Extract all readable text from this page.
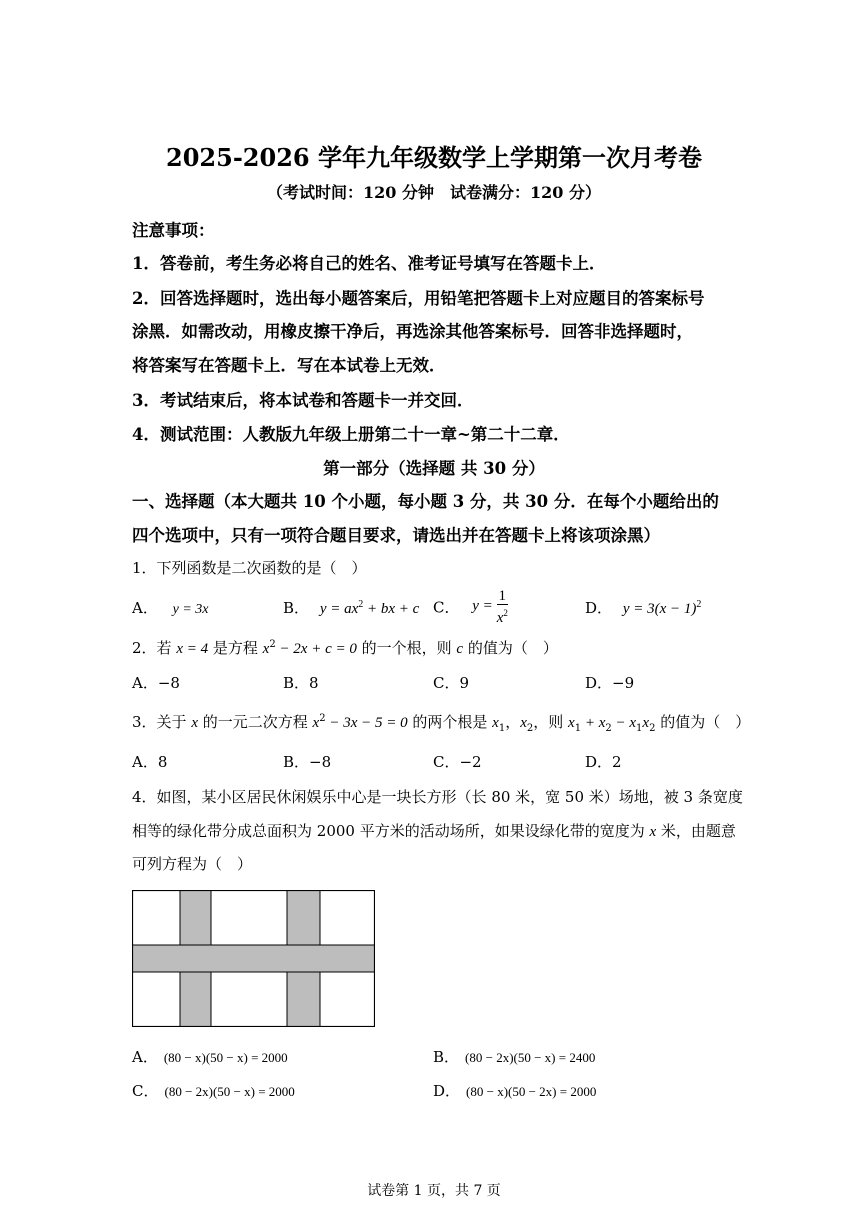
2025-2026 学年九年级数学上学期第一次月考卷
（考试时间：120 分钟　试卷满分：120 分）
注意事项：
1．答卷前，考生务必将自己的姓名、准考证号填写在答题卡上．
2．回答选择题时，选出每小题答案后，用铅笔把答题卡上对应题目的答案标号
涂黑．如需改动，用橡皮擦干净后，再选涂其他答案标号．回答非选择题时，
将答案写在答题卡上．写在本试卷上无效．
3．考试结束后，将本试卷和答题卡一并交回．
4．测试范围：人教版九年级上册第二十一章~第二十二章．
第一部分（选择题 共 30 分）
一、选择题（本大题共 10 个小题，每小题 3 分，共 30 分．在每个小题给出的
四个选项中，只有一项符合题目要求，请选出并在答题卡上将该项涂黑）
1．下列函数是二次函数的是（　）
A． y = 3x	B． $y = ax^2$ + bx + c C． $y = \frac{1}{x^2}$	D． $y = 3(x - 1)^2$
2．若 x = 4 是方程 $x^2 - 2x + c = 0$ 的一个根，则 c 的值为（　）
A．−8	B．8	C．9	D．−9
3．关于 x 的一元二次方程 $x^2 - 3x - 5 = 0$ 的两个根是 $x_1$，$x_2$，则 $x_1 + x_2 - x_1x_2$ 的值为（　）
A．8	B．−8	C．−2	D．2
4．如图，某小区居民休闲娱乐中心是一块长方形（长 80 米，宽 50 米）场地，被 3 条宽度
相等的绿化带分成总面积为 2000 平方米的活动场所，如果设绿化带的宽度为 x 米，由题意
可列方程为（　）
A． (80 − x)(50 − x) = 2000	B． (80 − 2x)(50 − x) = 2400
C． (80 − 2x)(50 − x) = 2000	D． (80 − x)(50 − 2x) = 2000
试卷第 1 页，共 7 页
